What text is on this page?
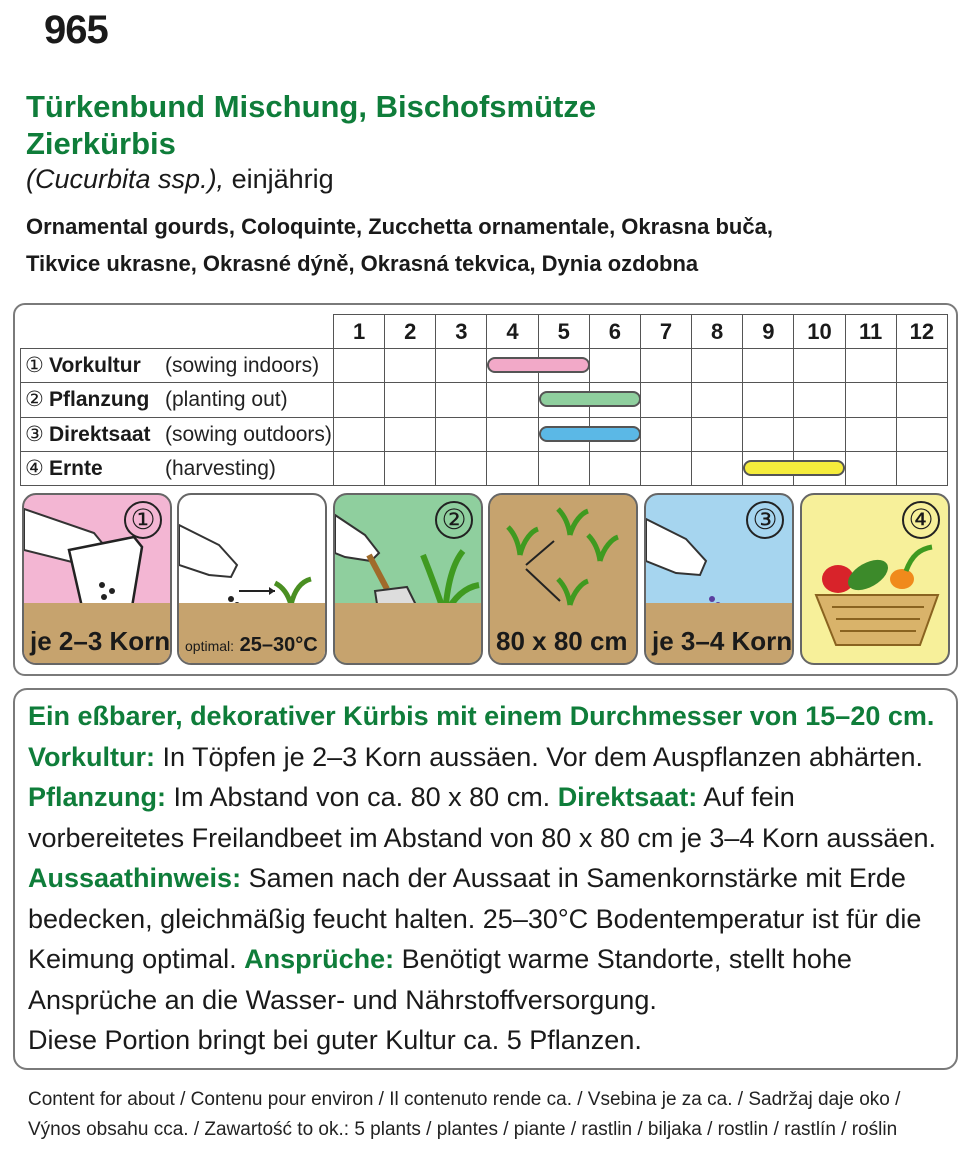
965
Türkenbund Mischung, Bischofsmütze
Zierkürbis
(Cucurbita ssp.), einjährig
Ornamental gourds, Coloquinte, Zucchetta ornamentale, Okrasna buča,
Tikvice ukrasne, Okrasné dýně, Okrasná tekvica, Dynia ozdobna
	1	2	3	4	5	6	7	8	9	10	11	12
① Vorkultur (sowing indoors)				

② Pflanzung (planting out)					

③ Direktsaat (sowing outdoors)					

④ Ernte (harvesting)									

①
je 2–3 Korn optimal: 25–30°C
②
80 x 80 cm
③
je 3–4 Korn
④
Ein eßbarer, dekorativer Kürbis mit einem Durchmesser von 15–20 cm.
Vorkultur: In Töpfen je 2–3 Korn aussäen. Vor dem Auspflanzen abhärten.
Pflanzung: Im Abstand von ca. 80 x 80 cm. Direktsaat: Auf fein vorbereitetes Freilandbeet im Abstand von 80 x 80 cm je 3–4 Korn aussäen.
Aussaathinweis: Samen nach der Aussaat in Samenkornstärke mit Erde bedecken, gleichmäßig feucht halten. 25–30°C Bodentemperatur ist für die Keimung optimal. Ansprüche: Benötigt warme Standorte, stellt hohe Ansprüche an die Wasser- und Nährstoffversorgung.
Diese Portion bringt bei guter Kultur ca. 5 Pflanzen.
Content for about / Contenu pour environ / Il contenuto rende ca. / Vsebina je za ca. / Sadržaj daje oko /
Výnos obsahu cca. / Zawartość to ok.: 5 plants / plantes / piante / rastlin / biljaka / rostlin / rastlín / roślin
